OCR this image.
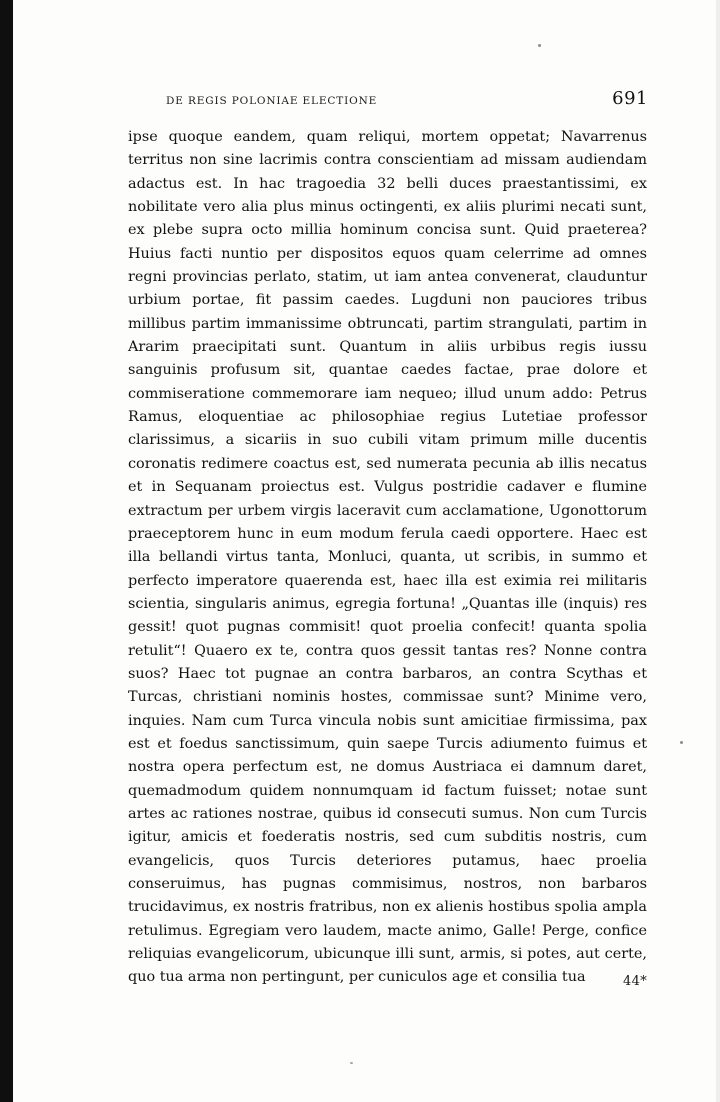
DE REGIS POLONIAE ELECTIONE	691

ipse quoque eandem, quam reliqui, mortem oppetat; Navarrenus territus non sine lacrimis contra conscientiam ad missam audiendam adactus est. In hac tragoedia 32 belli duces praestantissimi, ex nobilitate vero alia plus minus octingenti, ex aliis plurimi necati sunt, ex plebe supra octo millia hominum concisa sunt. Quid praeterea? Huius facti nuntio per dispositos equos quam celerrime ad omnes regni provincias perlato, statim, ut iam antea convenerat, clauduntur urbium portae, fit passim caedes. Lugduni non pauciores tribus millibus partim immanissime obtruncati, partim strangulati, partim in Ararim praecipitati sunt. Quantum in aliis urbibus regis iussu sanguinis profusum sit, quantae caedes factae, prae dolore et commiseratione commemorare iam nequeo; illud unum addo: Petrus Ramus, eloquentiae ac philosophiae regius Lutetiae professor clarissimus, a sicariis in suo cubili vitam primum mille ducentis coronatis redimere coactus est, sed numerata pecunia ab illis necatus et in Sequanam proiectus est. Vulgus postridie cadaver e flumine extractum per urbem virgis laceravit cum acclamatione, Ugonottorum praeceptorem hunc in eum modum ferula caedi opportere. Haec est illa bellandi virtus tanta, Monluci, quanta, ut scribis, in summo et perfecto imperatore quaerenda est, haec illa est eximia rei militaris scientia, singularis animus, egregia fortuna! „Quantas ille (inquis) res gessit! quot pugnas commisit! quot proelia confecit! quanta spolia retulit“! Quaero ex te, contra quos gessit tantas res? Nonne contra suos? Haec tot pugnae an contra barbaros, an contra Scythas et Turcas, christiani nominis hostes, commissae sunt? Minime vero, inquies. Nam cum Turca vincula nobis sunt amicitiae firmissima, pax est et foedus sanctissimum, quin saepe Turcis adiumento fuimus et nostra opera perfectum est, ne domus Austriaca ei damnum daret, quemadmodum quidem nonnumquam id factum fuisset; notae sunt artes ac rationes nostrae, quibus id consecuti sumus. Non cum Turcis igitur, amicis et foederatis nostris, sed cum subditis nostris, cum evangelicis, quos Turcis deteriores putamus, haec proelia conseruimus, has pugnas commisimus, nostros, non barbaros trucidavimus, ex nostris fratribus, non ex alienis hostibus spolia ampla retulimus. Egregiam vero laudem, macte animo, Galle! Perge, confice reliquias evangelicorum, ubicunque illi sunt, armis, si potes, aut certe, quo tua arma non pertingunt, per cuniculos age et consilia tua	44*
